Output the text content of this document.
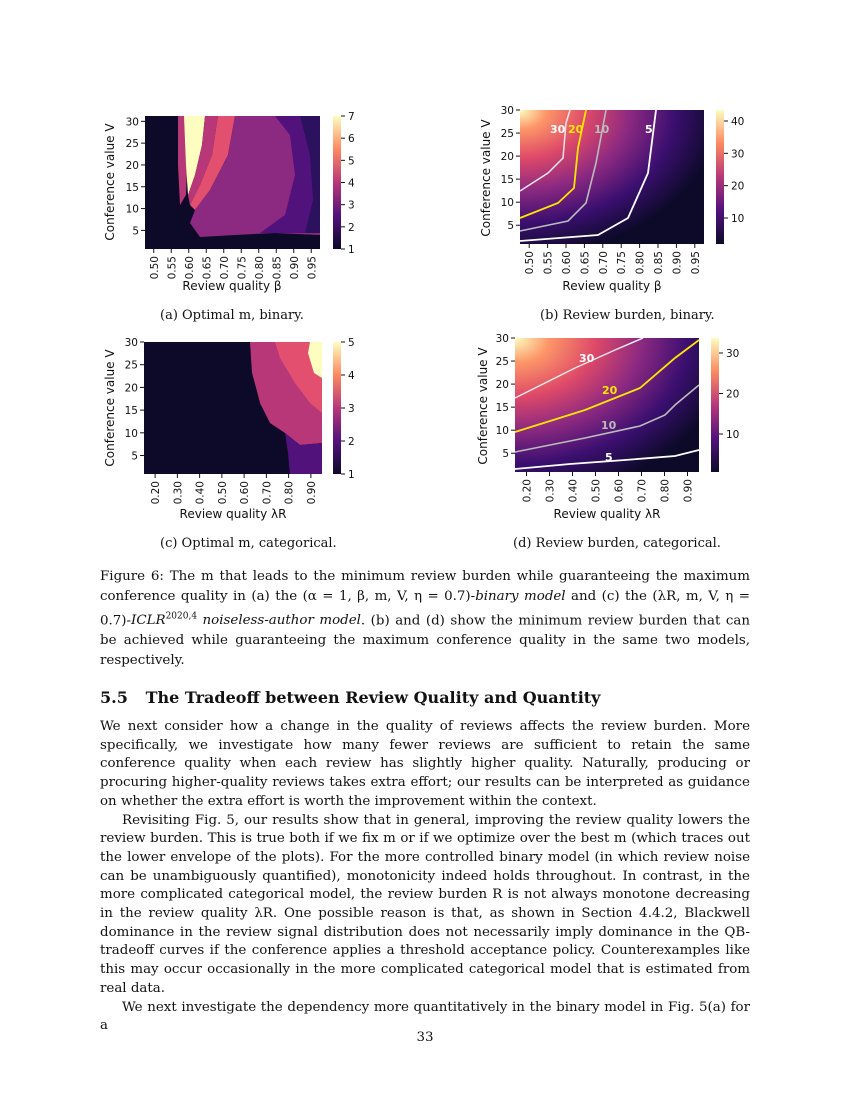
Conference value V
30
25
20
15
10
5
0.50 0.55 0.60 0.65 0.70 0.75 0.80 0.85 0.90 0.95
Review quality β
7
6
5
4
3
2
1
30 20 10	5
Conference value V
30
25
20
15
10
5
0.50 0.55 0.60 0.65 0.70 0.75 0.80 0.85 0.90 0.95
Review quality β
40
30
20
10
(a) Optimal m, binary.	(b) Review burden, binary.
Conference value V
30
25
20
15
10
5
0.20 0.30 0.40 0.50 0.60 0.70 0.80 0.90
Review quality λR
5
4
3
2
1
30
20
10
5
Conference value V
30
25
20
15
10
5
0.20 0.30 0.40 0.50 0.60 0.70 0.80 0.90
Review quality λR
30
20
10
(c) Optimal m, categorical.	(d) Review burden, categorical.
Figure 6: The m that leads to the minimum review burden while guaranteeing the maximum conference quality in (a) the (α = 1, β, m, V, η = 0.7)-binary model and (c) the (λR, m, V, $\eta = 0.7)-ICLR^{2020,4}$ noiseless-author model. (b) and (d) show the minimum review burden that can be achieved while guaranteeing the maximum conference quality in the same two models, respectively.
5.5 The Tradeoff between Review Quality and Quantity

We next consider how a change in the quality of reviews affects the review burden. More specifically, we investigate how many fewer reviews are sufficient to retain the same conference quality when each review has slightly higher quality. Naturally, producing or procuring higher-quality reviews takes extra effort; our results can be interpreted as guidance on whether the extra effort is worth the improvement within the context.

Revisiting Fig. 5, our results show that in general, improving the review quality lowers the review burden. This is true both if we fix m or if we optimize over the best m (which traces out the lower envelope of the plots). For the more controlled binary model (in which review noise can be unambiguously quantified), monotonicity indeed holds throughout. In contrast, in the more complicated categorical model, the review burden R is not always monotone decreasing in the review quality λR. One possible reason is that, as shown in Section 4.4.2, Blackwell dominance in the review signal distribution does not necessarily imply dominance in the QB-tradeoff curves if the conference applies a threshold acceptance policy. Counterexamples like this may occur occasionally in the more complicated categorical model that is estimated from real data.

We next investigate the dependency more quantitatively in the binary model in Fig. 5(a) for a

33
